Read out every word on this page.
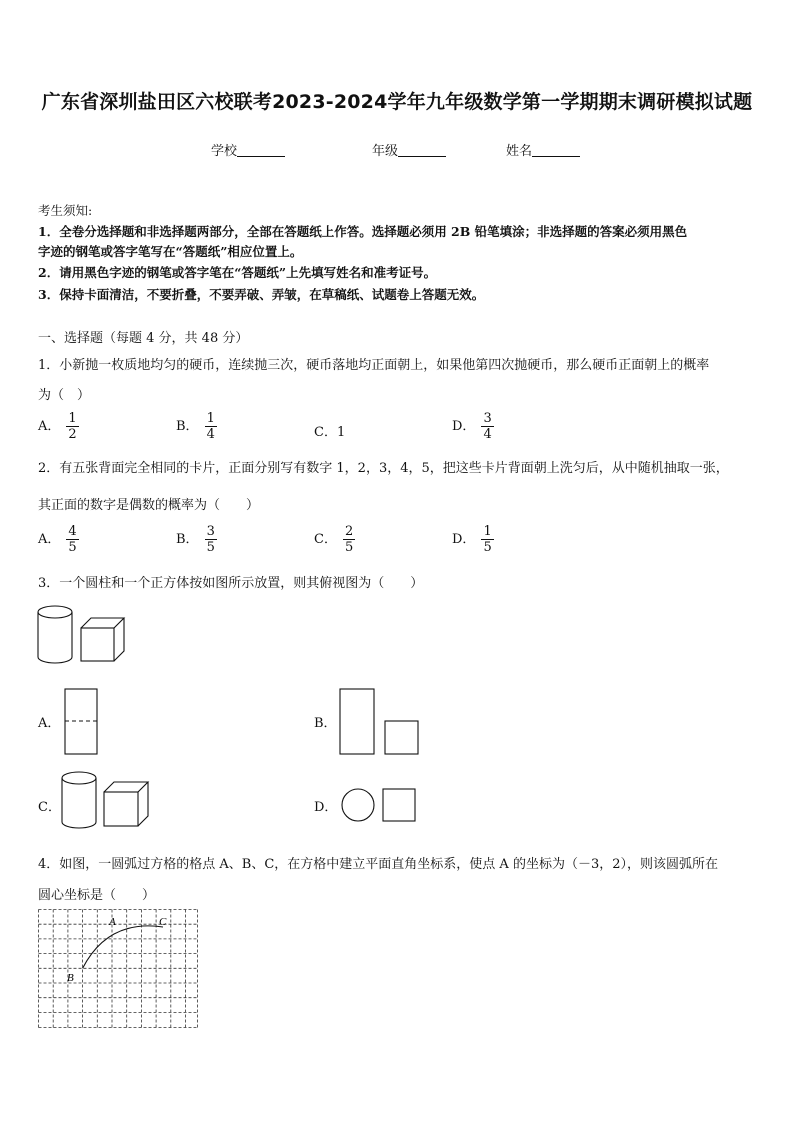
广东省深圳盐田区六校联考2023-2024学年九年级数学第一学期期末调研模拟试题
学校	年级	姓名
考生须知:
1．全卷分选择题和非选择题两部分，全部在答题纸上作答。选择题必须用 2B 铅笔填涂；非选择题的答案必须用黑色
字迹的钢笔或答字笔写在“答题纸”相应位置上。
2．请用黑色字迹的钢笔或答字笔在“答题纸”上先填写姓名和准考证号。
3．保持卡面清洁，不要折叠，不要弄破、弄皱，在草稿纸、试题卷上答题无效。
一、选择题（每题 4 分，共 48 分）
1．小新抛一枚质地均匀的硬币，连续抛三次，硬币落地均正面朝上，如果他第四次抛硬币，那么硬币正面朝上的概率
为（　）
A． $\frac{1}{2}$	B． $\frac{1}{4}$	C．1	D． $\frac{3}{4}$
2．有五张背面完全相同的卡片，正面分别写有数字 1，2，3，4，5，把这些卡片背面朝上洗匀后，从中随机抽取一张，
其正面的数字是偶数的概率为（　　）
A． $\frac{4}{5}$	B． $\frac{3}{5}$	C． $\frac{2}{5}$	D． $\frac{1}{5}$
3．一个圆柱和一个正方体按如图所示放置，则其俯视图为（　　）
A．	B．
C．	D．
4．如图，一圆弧过方格的格点 A、B、C，在方格中建立平面直角坐标系，使点 A 的坐标为（－3，2），则该圆弧所在
圆心坐标是（　　）
A	C
B
